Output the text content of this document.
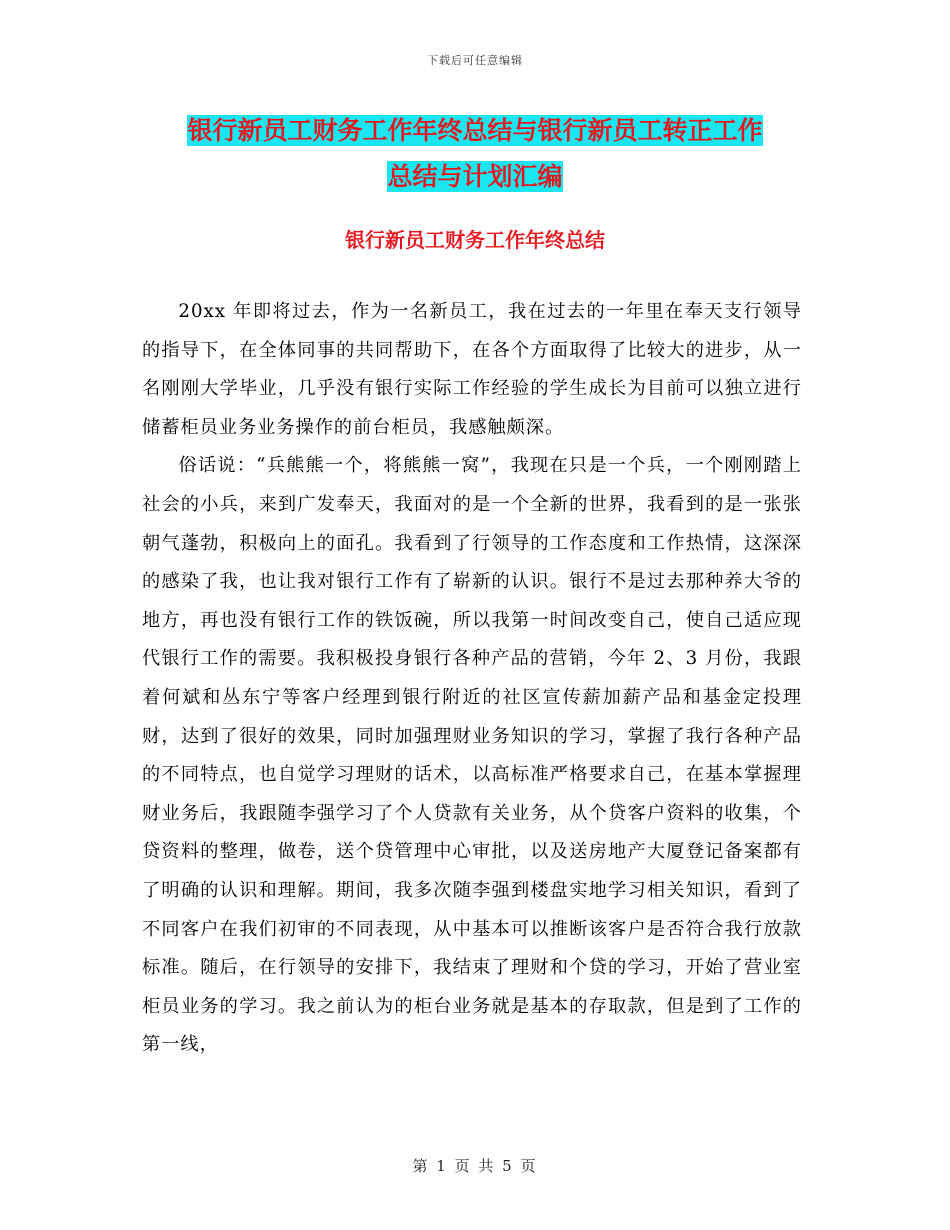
下载后可任意编辑
银行新员工财务工作年终总结与银行新员工转正工作
总结与计划汇编
银行新员工财务工作年终总结

20xx 年即将过去，作为一名新员工，我在过去的一年里在奉天支行领导的指导下，在全体同事的共同帮助下，在各个方面取得了比较大的进步，从一名刚刚大学毕业，几乎没有银行实际工作经验的学生成长为目前可以独立进行储蓄柜员业务业务操作的前台柜员，我感触颇深。

俗话说：“兵熊熊一个，将熊熊一窝”，我现在只是一个兵，一个刚刚踏上社会的小兵，来到广发奉天，我面对的是一个全新的世界，我看到的是一张张朝气蓬勃，积极向上的面孔。我看到了行领导的工作态度和工作热情，这深深的感染了我，也让我对银行工作有了崭新的认识。银行不是过去那种养大爷的地方，再也没有银行工作的铁饭碗，所以我第一时间改变自己，使自己适应现代银行工作的需要。我积极投身银行各种产品的营销，今年 2、3 月份，我跟着何斌和丛东宁等客户经理到银行附近的社区宣传薪加薪产品和基金定投理财，达到了很好的效果，同时加强理财业务知识的学习，掌握了我行各种产品的不同特点，也自觉学习理财的话术，以高标准严格要求自己，在基本掌握理财业务后，我跟随李强学习了个人贷款有关业务，从个贷客户资料的收集，个贷资料的整理，做卷，送个贷管理中心审批，以及送房地产大厦登记备案都有了明确的认识和理解。期间，我多次随李强到楼盘实地学习相关知识，看到了不同客户在我们初审的不同表现，从中基本可以推断该客户是否符合我行放款标准。随后，在行领导的安排下，我结束了理财和个贷的学习，开始了营业室柜员业务的学习。我之前认为的柜台业务就是基本的存取款，但是到了工作的第一线，

第 1 页 共 5 页
